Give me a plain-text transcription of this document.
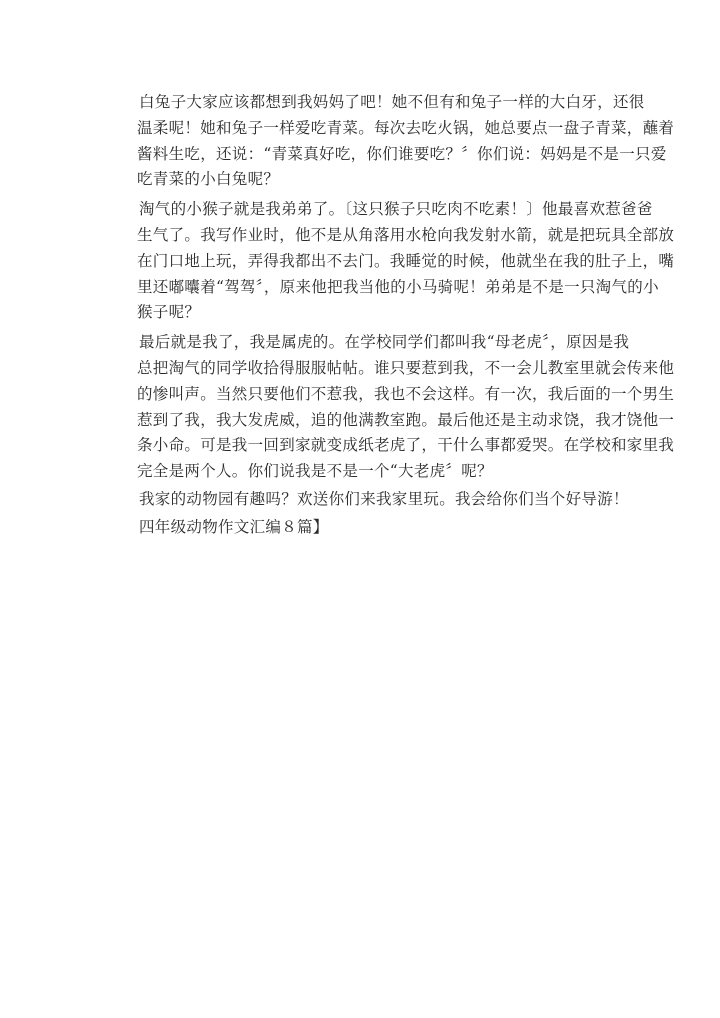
白兔子大家应该都想到我妈妈了吧！她不但有和兔子一样的大白牙，还很
温柔呢！她和兔子一样爱吃青菜。每次去吃火锅，她总要点一盘子青菜，蘸着
酱料生吃，还说：“青菜真好吃，你们谁要吃？〞你们说：妈妈是不是一只爱
吃青菜的小白兔呢？
淘气的小猴子就是我弟弟了。〔这只猴子只吃肉不吃素！〕他最喜欢惹爸爸
生气了。我写作业时，他不是从角落用水枪向我发射水箭，就是把玩具全部放
在门口地上玩，弄得我都出不去门。我睡觉的时候，他就坐在我的肚子上，嘴
里还嘟囔着“驾驾〞，原来他把我当他的小马骑呢！弟弟是不是一只淘气的小
猴子呢？
最后就是我了，我是属虎的。在学校同学们都叫我“母老虎〞，原因是我
总把淘气的同学收拾得服服帖帖。谁只要惹到我，不一会儿教室里就会传来他
的惨叫声。当然只要他们不惹我，我也不会这样。有一次，我后面的一个男生
惹到了我，我大发虎威，追的他满教室跑。最后他还是主动求饶，我才饶他一
条小命。可是我一回到家就变成纸老虎了，干什么事都爱哭。在学校和家里我
完全是两个人。你们说我是不是一个“大老虎〞呢？
我家的动物园有趣吗？欢送你们来我家里玩。我会给你们当个好导游！
四年级动物作文汇编８篇】
